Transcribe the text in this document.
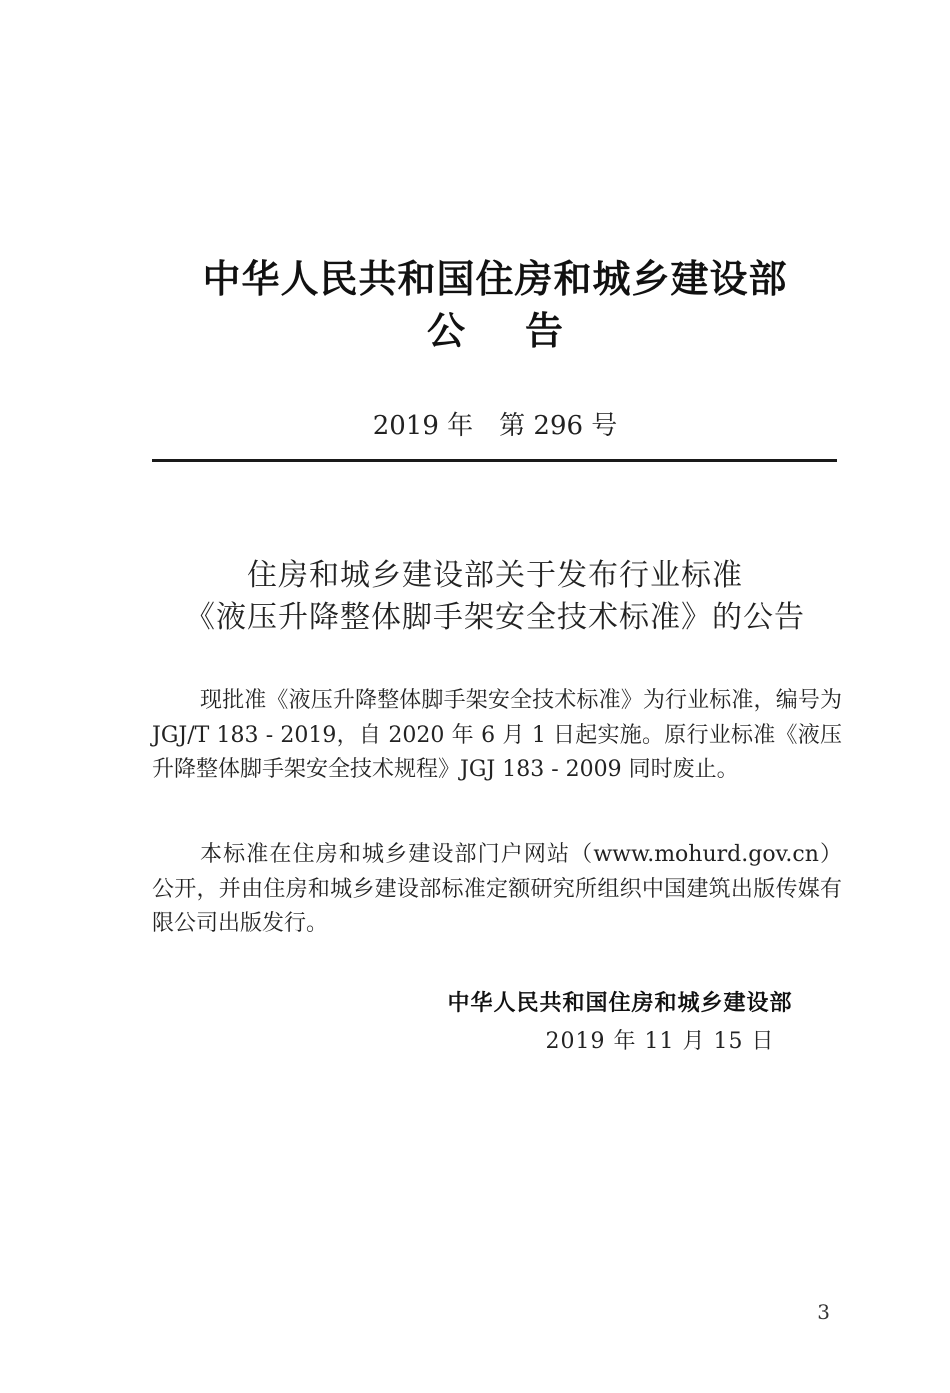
中华人民共和国住房和城乡建设部
公告
2019 年　第 296 号
住房和城乡建设部关于发布行业标准
《液压升降整体脚手架安全技术标准》的公告
现批准《液压升降整体脚手架安全技术标准》为行业标准，编号为 JGJ/T 183 - 2019，自 2020 年 6 月 1 日起实施。原行业标准《液压升降整体脚手架安全技术规程》JGJ 183 - 2009 同时废止。
本标准在住房和城乡建设部门户网站（www.mohurd.gov.cn）公开，并由住房和城乡建设部标准定额研究所组织中国建筑出版传媒有限公司出版发行。
中华人民共和国住房和城乡建设部
2019 年 11 月 15 日
3
